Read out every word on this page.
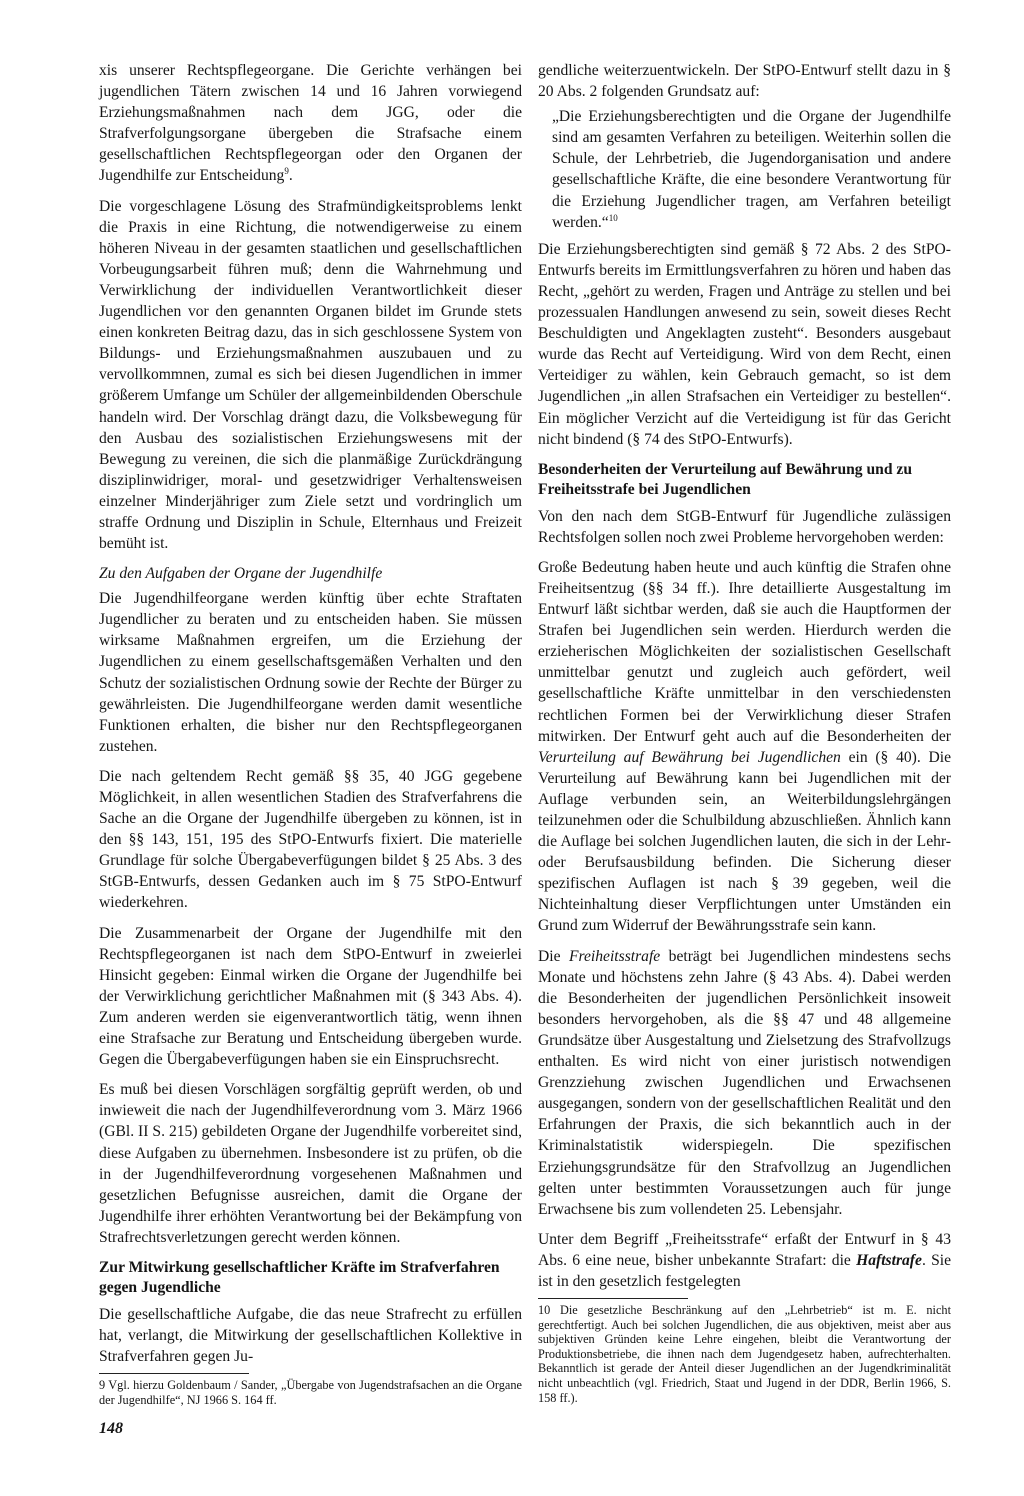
xis unserer Rechtspflegeorgane. Die Gerichte verhängen bei jugendlichen Tätern zwischen 14 und 16 Jahren vorwiegend Erziehungsmaßnahmen nach dem JGG, oder die Strafverfolgungsorgane übergeben die Strafsache einem gesellschaftlichen Rechtspflegeorgan oder den Organen der Jugendhilfe zur Entscheidung$^9$.

Die vorgeschlagene Lösung des Strafmündigkeitsproblems lenkt die Praxis in eine Richtung, die notwendigerweise zu einem höheren Niveau in der gesamten staatlichen und gesellschaftlichen Vorbeugungsarbeit führen muß; denn die Wahrnehmung und Verwirklichung der individuellen Verantwortlichkeit dieser Jugendlichen vor den genannten Organen bildet im Grunde stets einen konkreten Beitrag dazu, das in sich geschlossene System von Bildungs- und Erziehungsmaßnahmen auszubauen und zu vervollkommnen, zumal es sich bei diesen Jugendlichen in immer größerem Umfange um Schüler der allgemeinbildenden Oberschule handeln wird. Der Vorschlag drängt dazu, die Volksbewegung für den Ausbau des sozialistischen Erziehungswesens mit der Bewegung zu vereinen, die sich die planmäßige Zurückdrängung disziplinwidriger, moral- und gesetzwidriger Verhaltensweisen einzelner Minderjähriger zum Ziele setzt und vordringlich um straffe Ordnung und Disziplin in Schule, Elternhaus und Freizeit bemüht ist.

Zu den Aufgaben der Organe der Jugendhilfe

Die Jugendhilfeorgane werden künftig über echte Straftaten Jugendlicher zu beraten und zu entscheiden haben. Sie müssen wirksame Maßnahmen ergreifen, um die Erziehung der Jugendlichen zu einem gesellschaftsgemäßen Verhalten und den Schutz der sozialistischen Ordnung sowie der Rechte der Bürger zu gewährleisten. Die Jugendhilfeorgane werden damit wesentliche Funktionen erhalten, die bisher nur den Rechtspflegeorganen zustehen.

Die nach geltendem Recht gemäß §§ 35, 40 JGG gegebene Möglichkeit, in allen wesentlichen Stadien des Strafverfahrens die Sache an die Organe der Jugendhilfe übergeben zu können, ist in den §§ 143, 151, 195 des StPO-Entwurfs fixiert. Die materielle Grundlage für solche Übergabeverfügungen bildet § 25 Abs. 3 des StGB-Entwurfs, dessen Gedanken auch im § 75 StPO-Entwurf wiederkehren.

Die Zusammenarbeit der Organe der Jugendhilfe mit den Rechtspflegeorganen ist nach dem StPO-Entwurf in zweierlei Hinsicht gegeben: Einmal wirken die Organe der Jugendhilfe bei der Verwirklichung gerichtlicher Maßnahmen mit (§ 343 Abs. 4). Zum anderen werden sie eigenverantwortlich tätig, wenn ihnen eine Strafsache zur Beratung und Entscheidung übergeben wurde. Gegen die Übergabeverfügungen haben sie ein Einspruchsrecht.

Es muß bei diesen Vorschlägen sorgfältig geprüft werden, ob und inwieweit die nach der Jugendhilfeverordnung vom 3. März 1966 (GBl. II S. 215) gebildeten Organe der Jugendhilfe vorbereitet sind, diese Aufgaben zu übernehmen. Insbesondere ist zu prüfen, ob die in der Jugendhilfeverordnung vorgesehenen Maßnahmen und gesetzlichen Befugnisse ausreichen, damit die Organe der Jugendhilfe ihrer erhöhten Verantwortung bei der Bekämpfung von Strafrechtsverletzungen gerecht werden können.

Zur Mitwirkung gesellschaftlicher Kräfte im Strafverfahren gegen Jugendliche

Die gesellschaftliche Aufgabe, die das neue Strafrecht zu erfüllen hat, verlangt, die Mitwirkung der gesellschaftlichen Kollektive in Strafverfahren gegen Ju-

9 Vgl. hierzu Goldenbaum / Sander, „Übergabe von Jugendstrafsachen an die Organe der Jugendhilfe“, NJ 1966 S. 164 ff.

gendliche weiterzuentwickeln. Der StPO-Entwurf stellt dazu in § 20 Abs. 2 folgenden Grundsatz auf:

„Die Erziehungsberechtigten und die Organe der Jugendhilfe sind am gesamten Verfahren zu beteiligen. Weiterhin sollen die Schule, der Lehrbetrieb, die Jugendorganisation und andere gesellschaftliche Kräfte, die eine besondere Verantwortung für die Erziehung Jugendlicher tragen, am Verfahren beteiligt werden.“$^{10}$

Die Erziehungsberechtigten sind gemäß § 72 Abs. 2 des StPO-Entwurfs bereits im Ermittlungsverfahren zu hören und haben das Recht, „gehört zu werden, Fragen und Anträge zu stellen und bei prozessualen Handlungen anwesend zu sein, soweit dieses Recht Beschuldigten und Angeklagten zusteht“. Besonders ausgebaut wurde das Recht auf Verteidigung. Wird von dem Recht, einen Verteidiger zu wählen, kein Gebrauch gemacht, so ist dem Jugendlichen „in allen Strafsachen ein Verteidiger zu bestellen“. Ein möglicher Verzicht auf die Verteidigung ist für das Gericht nicht bindend (§ 74 des StPO-Entwurfs).

Besonderheiten der Verurteilung auf Bewährung und zu Freiheitsstrafe bei Jugendlichen

Von den nach dem StGB-Entwurf für Jugendliche zulässigen Rechtsfolgen sollen noch zwei Probleme hervorgehoben werden:

Große Bedeutung haben heute und auch künftig die Strafen ohne Freiheitsentzug (§§ 34 ff.). Ihre detaillierte Ausgestaltung im Entwurf läßt sichtbar werden, daß sie auch die Hauptformen der Strafen bei Jugendlichen sein werden. Hierdurch werden die erzieherischen Möglichkeiten der sozialistischen Gesellschaft unmittelbar genutzt und zugleich auch gefördert, weil gesellschaftliche Kräfte unmittelbar in den verschiedensten rechtlichen Formen bei der Verwirklichung dieser Strafen mitwirken. Der Entwurf geht auch auf die Besonderheiten der Verurteilung auf Bewährung bei Jugendlichen ein (§ 40). Die Verurteilung auf Bewährung kann bei Jugendlichen mit der Auflage verbunden sein, an Weiterbildungslehrgängen teilzunehmen oder die Schulbildung abzuschließen. Ähnlich kann die Auflage bei solchen Jugendlichen lauten, die sich in der Lehr- oder Berufsausbildung befinden. Die Sicherung dieser spezifischen Auflagen ist nach § 39 gegeben, weil die Nichteinhaltung dieser Verpflichtungen unter Umständen ein Grund zum Widerruf der Bewährungsstrafe sein kann.

Die Freiheitsstrafe beträgt bei Jugendlichen mindestens sechs Monate und höchstens zehn Jahre (§ 43 Abs. 4). Dabei werden die Besonderheiten der jugendlichen Persönlichkeit insoweit besonders hervorgehoben, als die §§ 47 und 48 allgemeine Grundsätze über Ausgestaltung und Zielsetzung des Strafvollzugs enthalten. Es wird nicht von einer juristisch notwendigen Grenzziehung zwischen Jugendlichen und Erwachsenen ausgegangen, sondern von der gesellschaftlichen Realität und den Erfahrungen der Praxis, die sich bekanntlich auch in der Kriminalstatistik widerspiegeln. Die spezifischen Erziehungsgrundsätze für den Strafvollzug an Jugendlichen gelten unter bestimmten Voraussetzungen auch für junge Erwachsene bis zum vollendeten 25. Lebensjahr.

Unter dem Begriff „Freiheitsstrafe“ erfaßt der Entwurf in § 43 Abs. 6 eine neue, bisher unbekannte Strafart: die Haftstrafe. Sie ist in den gesetzlich festgelegten

10 Die gesetzliche Beschränkung auf den „Lehrbetrieb“ ist m. E. nicht gerechtfertigt. Auch bei solchen Jugendlichen, die aus objektiven, meist aber aus subjektiven Gründen keine Lehre eingehen, bleibt die Verantwortung der Produktionsbetriebe, die ihnen nach dem Jugendgesetz haben, aufrechterhalten. Bekanntlich ist gerade der Anteil dieser Jugendlichen an der Jugendkriminalität nicht unbeachtlich (vgl. Friedrich, Staat und Jugend in der DDR, Berlin 1966, S. 158 ff.).

148
